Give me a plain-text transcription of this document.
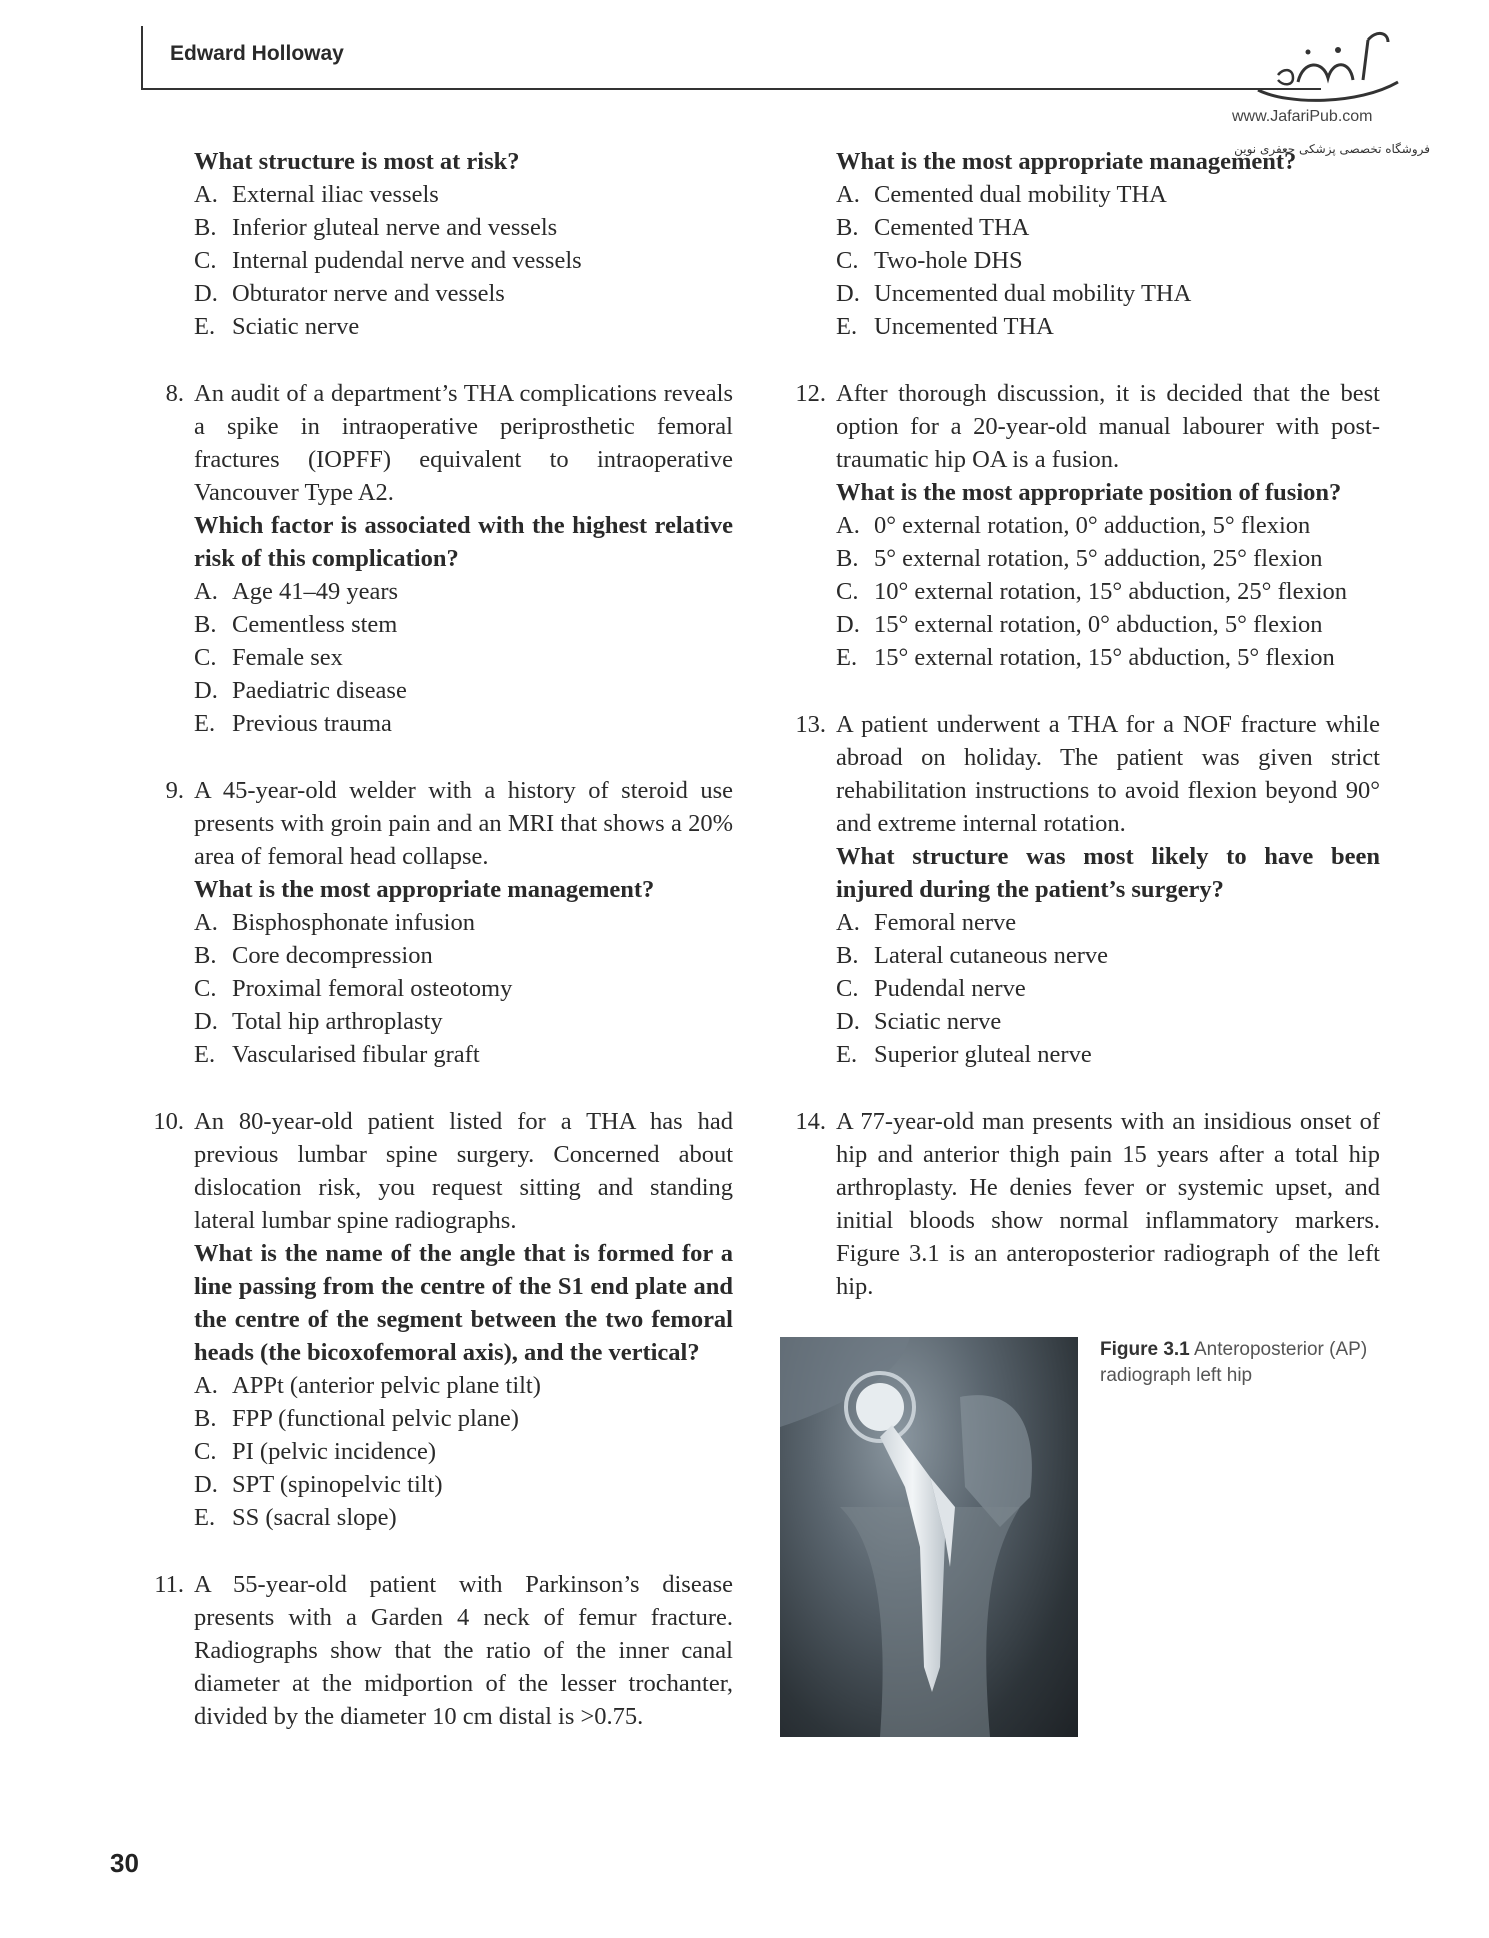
Edward Holloway
www.JafariPub.com
فروشگاه تخصصی پزشکی جعفری نوین

What structure is most at risk?

A. External iliac vessels
B. Inferior gluteal nerve and vessels
C. Internal pudendal nerve and vessels
D. Obturator nerve and vessels
E. Sciatic nerve
8. An audit of a department’s THA complications reveals a spike in intraoperative periprosthetic femoral fractures (IOPFF) equivalent to intraoperative Vancouver Type A2.

Which factor is associated with the highest relative risk of this complication?

A. Age 41–49 years
B. Cementless stem
C. Female sex
D. Paediatric disease
E. Previous trauma
9. A 45-year-old welder with a history of steroid use presents with groin pain and an MRI that shows a 20% area of femoral head collapse.

What is the most appropriate management?

A. Bisphosphonate infusion
B. Core decompression
C. Proximal femoral osteotomy
D. Total hip arthroplasty
E. Vascularised fibular graft
10. An 80-year-old patient listed for a THA has had previous lumbar spine surgery. Concerned about dislocation risk, you request sitting and standing lateral lumbar spine radiographs.

What is the name of the angle that is formed for a line passing from the centre of the S1 end plate and the centre of the segment between the two femoral heads (the bicoxofemoral axis), and the vertical?

A. APPt (anterior pelvic plane tilt)
B. FPP (functional pelvic plane)
C. PI (pelvic incidence)
D. SPT (spinopelvic tilt)
E. SS (sacral slope)
11. A 55-year-old patient with Parkinson’s disease presents with a Garden 4 neck of femur fracture. Radiographs show that the ratio of the inner canal diameter at the midportion of the lesser trochanter, divided by the diameter 10 cm distal is >0.75.

What is the most appropriate management?

A. Cemented dual mobility THA
B. Cemented THA
C. Two-hole DHS
D. Uncemented dual mobility THA
E. Uncemented THA
12. After thorough discussion, it is decided that the best option for a 20-year-old manual labourer with post-traumatic hip OA is a fusion.

What is the most appropriate position of fusion?

A. 0° external rotation, 0° adduction, 5° flexion
B. 5° external rotation, 5° adduction, 25° flexion
C. 10° external rotation, 15° abduction, 25° flexion
D. 15° external rotation, 0° abduction, 5° flexion
E. 15° external rotation, 15° abduction, 5° flexion
13. A patient underwent a THA for a NOF fracture while abroad on holiday. The patient was given strict rehabilitation instructions to avoid flexion beyond 90° and extreme internal rotation.

What structure was most likely to have been injured during the patient’s surgery?

A. Femoral nerve
B. Lateral cutaneous nerve
C. Pudendal nerve
D. Sciatic nerve
E. Superior gluteal nerve
14. A 77-year-old man presents with an insidious onset of hip and anterior thigh pain 15 years after a total hip arthroplasty. He denies fever or systemic upset, and initial bloods show normal inflammatory markers. Figure 3.1 is an anteroposterior radiograph of the left hip.

Figure 3.1 Anteroposterior (AP) radiograph left hip
30
